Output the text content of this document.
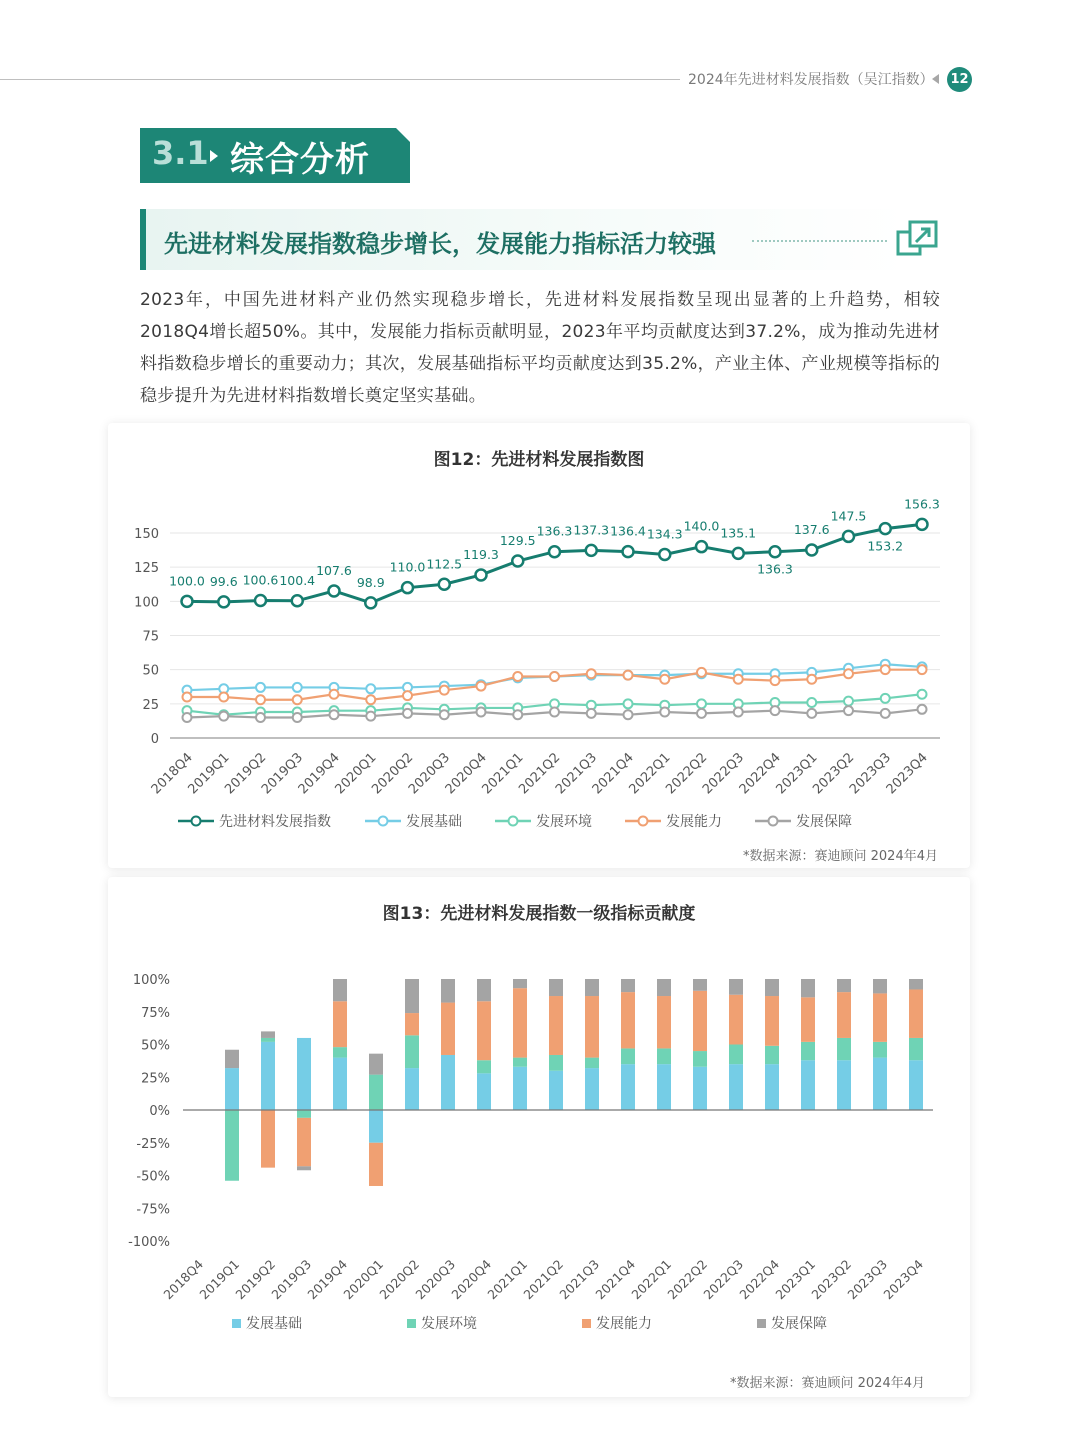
2024年先进材料发展指数（吴江指数） 12
3.1 综合分析
先进材料发展指数稳步增长，发展能力指标活力较强
2023年，中国先进材料产业仍然实现稳步增长，先进材料发展指数呈现出显著的上升趋势，相较2018Q4增长超50%。其中，发展能力指标贡献明显，2023年平均贡献度达到37.2%，成为推动先进材料指数稳步增长的重要动力；其次，发展基础指标平均贡献度达到35.2%，产业主体、产业规模等指标的稳步提升为先进材料指数增长奠定坚实基础。
图12：先进材料发展指数图
0
25
50
75
100
125
150
2018Q4
2019Q1
2019Q2
2019Q3
2019Q4
2020Q1
2020Q2
2020Q3
2020Q4
2021Q1
2021Q2
2021Q3
2021Q4
2022Q1
2022Q2
2022Q3
2022Q4
2023Q1
2023Q2
2023Q3
2023Q4
100.0 99.6 100.6 100.4
107.6
98.9
110.0 112.5
119.3
129.5
136.3 137.3 136.4 134.3
140.0 135.1
136.3
137.6
147.5
153.2
156.3
先进材料发展指数	发展基础	发展环境	发展能力	发展保障
*数据来源：赛迪顾问 2024年4月
图13：先进材料发展指数一级指标贡献度
100%
75%
50%
25%
0%
-25%
-50%
-75%
-100%
2018Q4
2019Q1
2019Q2
2019Q3
2019Q4
2020Q1
2020Q2
2020Q3
2020Q4
2021Q1
2021Q2
2021Q3
2021Q4
2022Q1
2022Q2
2022Q3
2022Q4
2023Q1
2023Q2
2023Q3
2023Q4
发展基础	发展环境	发展能力	发展保障
*数据来源：赛迪顾问 2024年4月
